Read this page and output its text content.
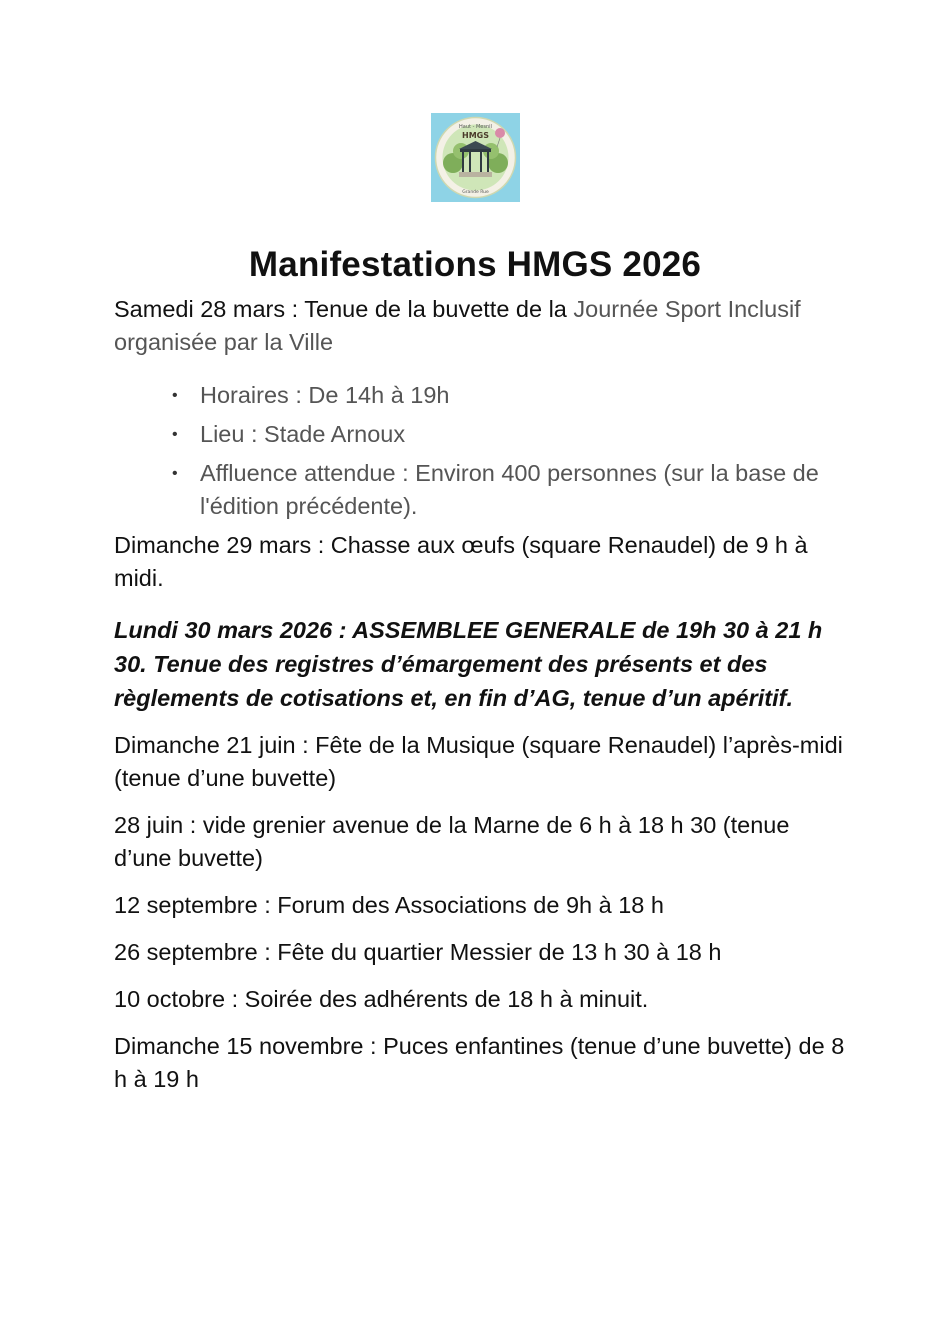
Haut - Mesnil
HMGS
Grande Rue
Manifestations HMGS 2026

Samedi 28 mars : Tenue de la buvette de la Journée Sport Inclusif organisée par la Ville

• Horaires : De 14h à 19h
• Lieu : Stade Arnoux
• Affluence attendue : Environ 400 personnes (sur la base de l'édition précédente).

Dimanche 29 mars : Chasse aux œufs (square Renaudel) de 9 h à midi.

Lundi 30 mars 2026 : ASSEMBLEE GENERALE de 19h 30 à 21 h 30. Tenue des registres d’émargement des présents et des règlements de cotisations et, en fin d’AG, tenue d’un apéritif.

Dimanche 21 juin : Fête de la Musique (square Renaudel) l’après-midi (tenue d’une buvette)

28 juin : vide grenier avenue de la Marne de 6 h à 18 h 30 (tenue d’une buvette)

12 septembre : Forum des Associations de 9h à 18 h

26 septembre : Fête du quartier Messier de 13 h 30 à 18 h

10 octobre : Soirée des adhérents de 18 h à minuit.

Dimanche 15 novembre : Puces enfantines (tenue d’une buvette) de 8 h à 19 h
